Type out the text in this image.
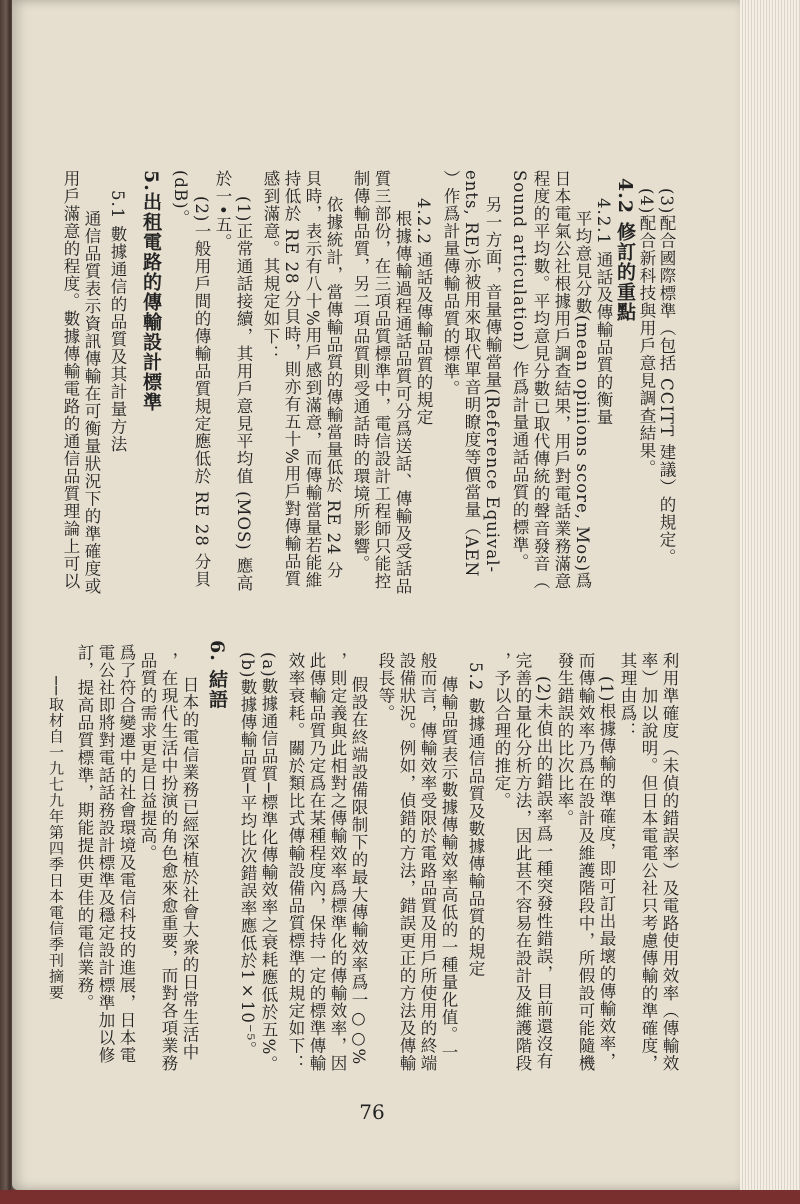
(3)配合國際標準（包括 CCITT 建議）的規定。
(4)配合新科技與用戶意見調查結果。
4.2 修訂的重點
4.2.1 通話及傳輸品質的衡量
平均意見分數(mean opinions score, Mos)爲
日本電氣公社根據用戶調查結果，用戶對電話業務滿意
程度的平均數。平均意見分數已取代傳統的聲音發音（
Sound articulation）作爲計量通話品質的標準。
另一方面，音量傳輸當量(Reference Equival-
ents, RE)亦被用來取代單音明瞭度等價當量（AEN
）作爲計量傳輸品質的標準。
4.2.2 通話及傳輸品質的規定
根據傳輸過程通話品質可分爲送話、傳輸及受話品
質三部份，在三項品質標準中，電信設計工程師只能控
制傳輸品質，另二項品質則受通話時的環境所影響。
依據統計，當傳輸品質的傳輸當量低於 RE 24 分
貝時，表示有八十%用戶感到滿意，而傳輸當量若能維
持低於 RE 28 分貝時，則亦有五十%用戶對傳輸品質
感到滿意。其規定如下：
(1)正常通話接續，其用戶意見平均值 (MOS) 應高
於一•五。
(2)一般用戶間的傳輸品質規定應低於 RE 28 分貝
(dB)。
5.出租電路的傳輸設計標準
5.1 數據通信的品質及其計量方法
通信品質表示資訊傳輸在可衡量狀況下的準確度或
用戶滿意的程度。數據傳輸電路的通信品質理論上可以
利用準確度（未偵的錯誤率）及電路使用效率（傳輸效
率）加以說明。但日本電電公社只考慮傳輸的準確度，
其理由爲：
(1)根據傳輸的準確度，即可訂出最壞的傳輸效率，
而傳輸效率乃爲在設計及維護階段中，所假設可能隨機
發生錯誤的比次比率。
(2)未偵出的錯誤率爲一種突發性錯誤，目前還沒有
完善的量化分析方法，因此甚不容易在設計及維護階段
，予以合理的推定。
5.2 數據通信品質及數據傳輸品質的規定
傳輸品質表示數據傳輸效率高低的一種量化值。一
般而言，傳輸效率受限於電路品質及用戶所使用的終端
設備狀況。例如，偵錯的方法，錯誤更正的方法及傳輸
段長等。
假設在終端設備限制下的最大傳輸效率爲一○○%
，則定義與此相對之傳輸效率爲標準化的傳輸效率，因
此傳輸品質乃定爲在某種程度內，保持一定的標準傳輸
效率衰耗。關於類比式傳輸設備品質標準的規定如下：
(a)數據通信品質─標準化傳輸效率之衰耗應低於五%。
(b)數據傳輸品質─平均比次錯誤率應低於1×10⁻⁵。
6. 結語
日本的電信業務已經深植於社會大衆的日常生活中
，在現代生活中扮演的角色愈來愈重要，而對各項業務
品質的需求更是日益提高。
爲了符合變遷中的社會環境及電信科技的進展，日本電
電公社即將對電話話務設計標準及穩定設計標準加以修
訂，提高品質標準，期能提供更佳的電信業務。
──取材自一九七九年第四季日本電信季刊摘要
76
